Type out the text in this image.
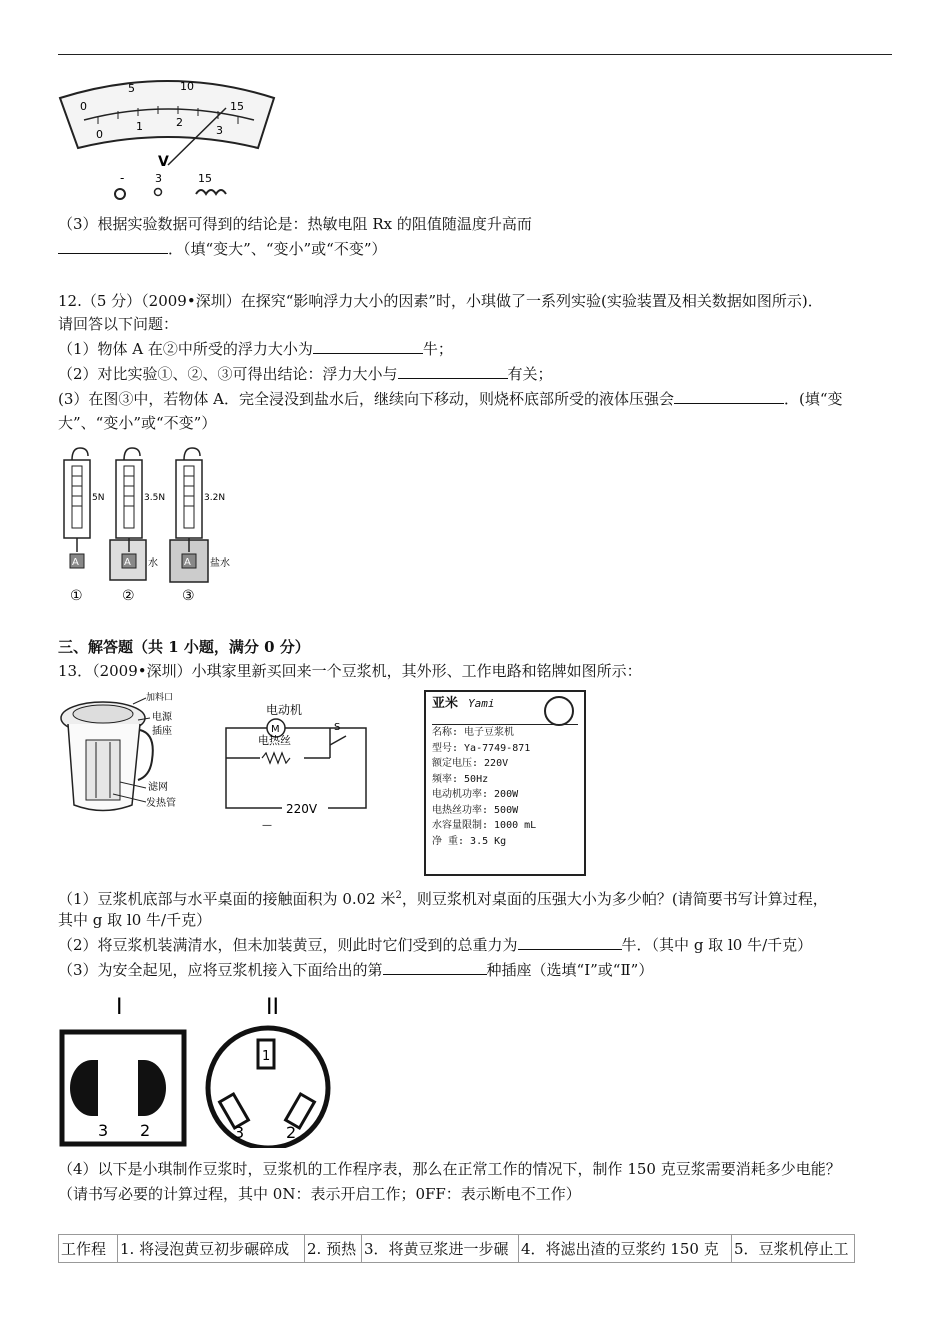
0
5	10
15
0
1	2
3
V
-	3	15
（3）根据实验数据可得到的结论是：热敏电阻 Rx 的阻值随温度升高而
．（填“变大”、“变小”或“不变”）
12.（5 分）（2009•深圳）在探究“影响浮力大小的因素”时，小琪做了一系列实验(实验装置及相关数据如图所示)．
请回答以下问题：
（1）物体 A 在②中所受的浮力大小为	牛；
（2）对比实验①、②、③可得出结论：浮力大小与	有关；
(3）在图③中，若物体 A．完全浸没到盐水后，继续向下移动，则烧杯底部所受的液体压强会	．(填“变
大”、“变小”或“不变”）
A
5N
①
A
3.5N
水
②
A
3.2N
盐水
③
三、解答题（共 1 小题，满分 0 分）
13．（2009•深圳）小琪家里新买回来一个豆浆机，其外形、工作电路和铭牌如图所示：
加料口
电源
插座
滤网
发热管
电动机
M
电热丝
S
220V
—
亚米 Yami
名称: 电子豆浆机
型号: Ya-7749-871
额定电压: 220V
频率: 50Hz
电动机功率: 200W
电热丝功率: 500W
水容量限制: 1000 mL
净 重: 3.5 Kg
（1）豆浆机底部与水平桌面的接触面积为 0.02 米$^2$，则豆浆机对桌面的压强大小为多少帕？(请简要书写计算过程，
其中 g 取 l0 牛/千克）
（2）将豆浆机装满清水，但未加装黄豆，则此时它们受到的总重力为	牛．（其中 g 取 l0 牛/千克）
（3）为安全起见，应将豆浆机接入下面给出的第	种插座（选填“Ⅰ”或“Ⅱ”）
I	II
3 2
1
3	2
（4）以下是小琪制作豆浆时，豆浆机的工作程序表，那么在正常工作的情况下，制作 150 克豆浆需要消耗多少电能？
（请书写必要的计算过程，其中 0N：表示开启工作；0FF：表示断电不工作）
工作程	1. 将浸泡黄豆初步碾碎成	2. 预热	3．将黄豆浆进一步碾	4．将滤出渣的豆浆约 150 克	5．豆浆机停止工
